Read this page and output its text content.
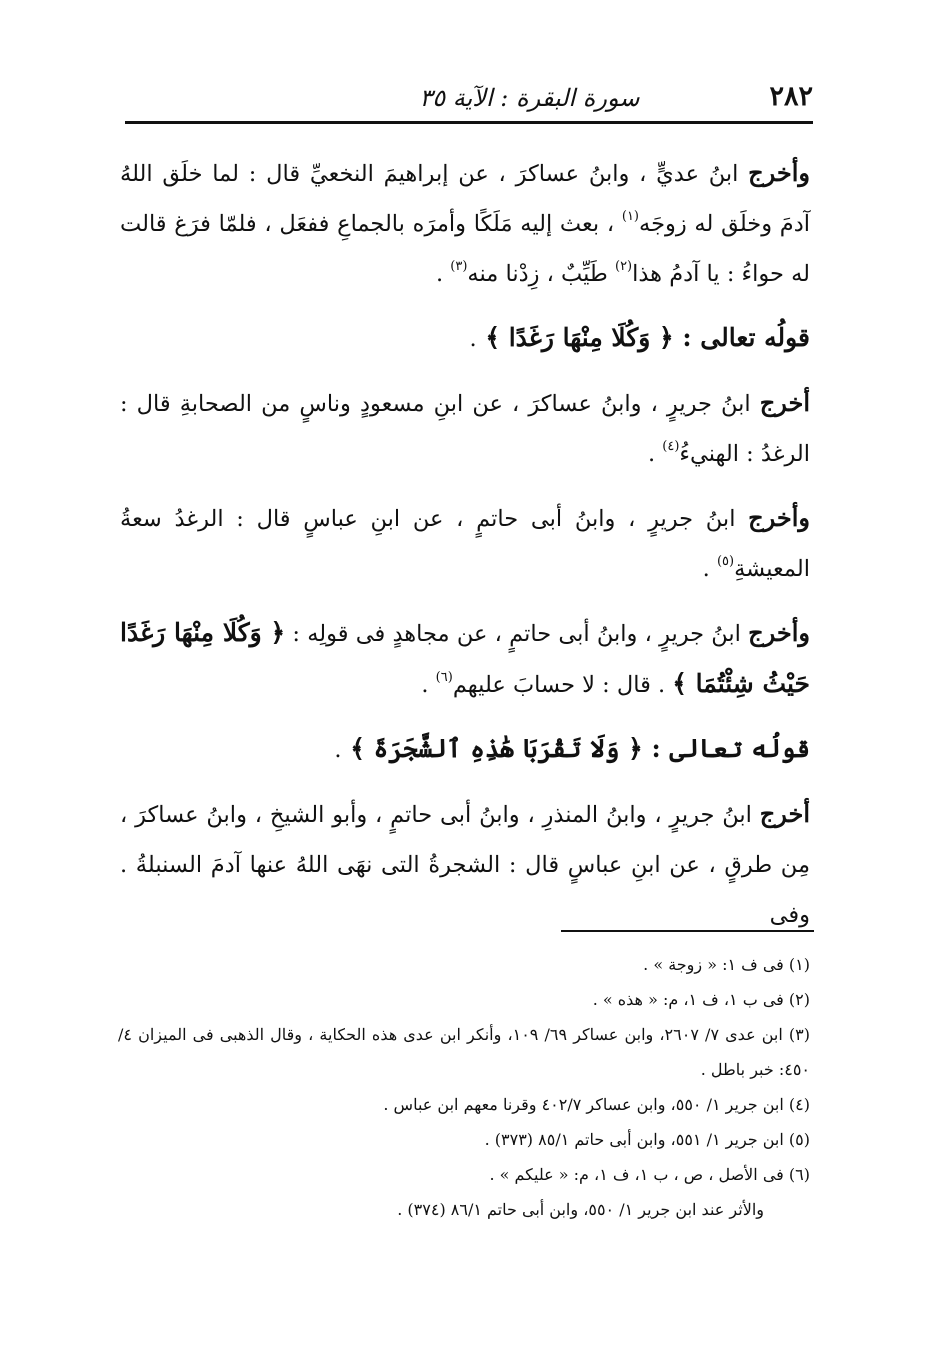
٢٨٢
سورة البقرة : الآية ٣٥

وأخرج ابنُ عديٍّ ، وابنُ عساكرَ ، عن إبراهيمَ النخعيِّ قال : لما خلَق اللهُ آدمَ وخلَق له زوجَه$^{(١)}$ ، بعث إليه مَلَكًا وأمرَه بالجماعِ ففعَل ، فلمّا فرَغ قالت له حواءُ : يا آدمُ هذا$^{(٢)}$ طَيِّبٌ ، زِدْنا منه$^{(٣)}$ .

قولُه تعالى : ﴿ وَكُلَا مِنْهَا رَغَدًا ﴾ .

أخرج ابنُ جريرٍ ، وابنُ عساكرَ ، عن ابنِ مسعودٍ وناسٍ من الصحابةِ قال : الرغدُ : الهنيءُ$^{(٤)}$ .

وأخرج ابنُ جريرٍ ، وابنُ أبى حاتمٍ ، عن ابنِ عباسٍ قال : الرغدُ سعةُ المعيشةِ$^{(٥)}$ .

وأخرج ابنُ جريرٍ ، وابنُ أبى حاتمٍ ، عن مجاهدٍ فى قولِه : ﴿ وَكُلَا مِنْهَا رَغَدًا حَيْثُ شِئْتُمَا ﴾ . قال : لا حسابَ عليهم$^{(٦)}$ .

قولُه تعالى : ﴿ وَلَا تَقْرَبَا هَٰذِهِ ٱلشَّجَرَةَ ﴾ .

أخرج ابنُ جريرٍ ، وابنُ المنذرِ ، وابنُ أبى حاتمٍ ، وأبو الشيخِ ، وابنُ عساكرَ ، مِن طرقٍ ، عن ابنِ عباسٍ قال : الشجرةُ التى نهَى اللهُ عنها آدمَ السنبلةُ . وفى

(١) فى ف ١: « زوجة » .
(٢) فى ب ١، ف ١، م: « هذه » .
(٣) ابن عدى ٧/ ٢٦٠٧، وابن عساكر ٦٩/ ١٠٩، وأنكر ابن عدى هذه الحكاية ، وقال الذهبى فى الميزان ٤/ ٤٥٠: خبر باطل .
(٤) ابن جرير ١/ ٥٥٠، وابن عساكر ٤٠٢/٧ وقرنا معهم ابن عباس .
(٥) ابن جرير ١/ ٥٥١، وابن أبى حاتم ٨٥/١ (٣٧٣) .
(٦) فى الأصل ، ص ، ب ١، ف ١، م: « عليكم » .
والأثر عند ابن جرير ١/ ٥٥٠، وابن أبى حاتم ٨٦/١ (٣٧٤) .
